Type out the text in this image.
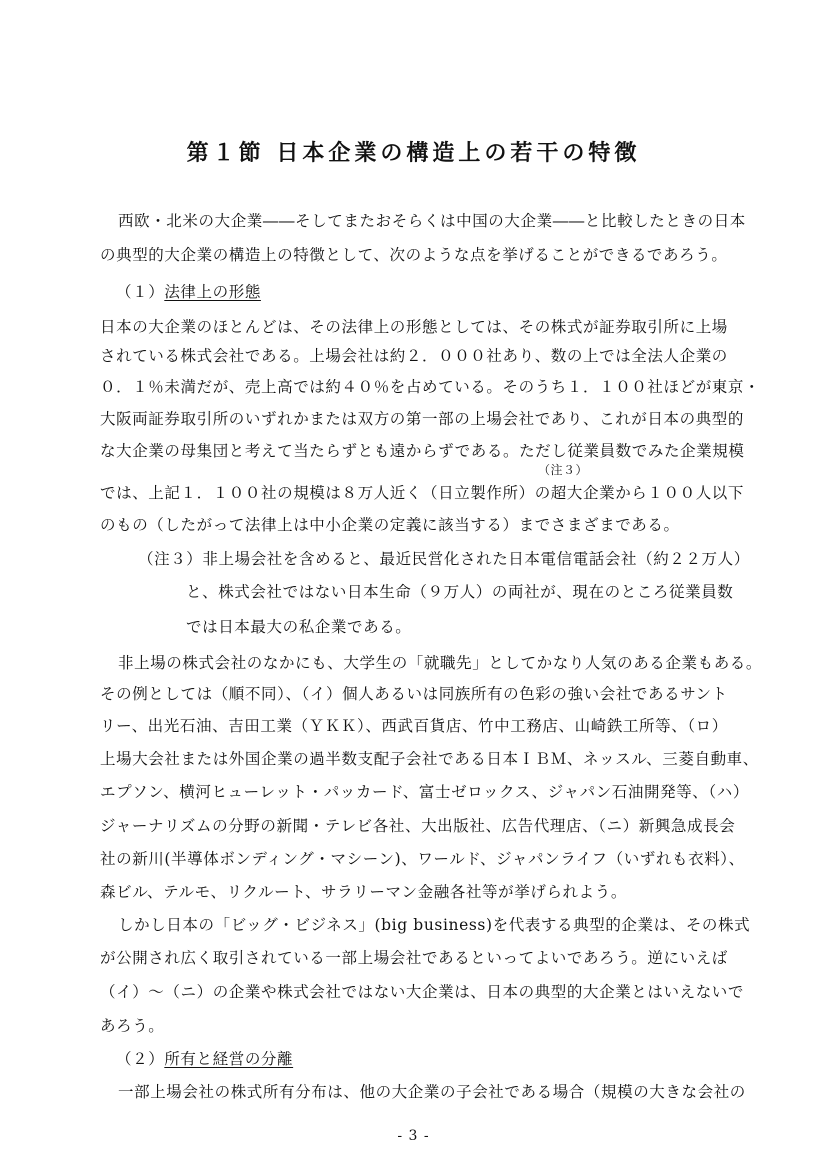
第１節 日本企業の構造上の若干の特徴
西欧・北米の大企業――そしてまたおそらくは中国の大企業――と比較したときの日本
の典型的大企業の構造上の特徴として、次のような点を挙げることができるであろう。
（１）法律上の形態
日本の大企業のほとんどは、その法律上の形態としては、その株式が証券取引所に上場
されている株式会社である。上場会社は約２．０００社あり、数の上では全法人企業の
０．１％未満だが、売上高では約４０％を占めている。そのうち１．１００社ほどが東京・
大阪両証券取引所のいずれかまたは双方の第一部の上場会社であり、これが日本の典型的
な大企業の母集団と考えて当たらずとも遠からずである。ただし従業員数でみた企業規模
（注３）
では、上記１．１００社の規模は８万人近く（日立製作所）の超大企業から１００人以下
のもの（したがって法律上は中小企業の定義に該当する）までさまざまである。
（注３）非上場会社を含めると、最近民営化された日本電信電話会社（約２２万人）
と、株式会社ではない日本生命（９万人）の両社が、現在のところ従業員数
では日本最大の私企業である。
非上場の株式会社のなかにも、大学生の「就職先」としてかなり人気のある企業もある。
その例としては（順不同）、（イ）個人あるいは同族所有の色彩の強い会社であるサント
リー、出光石油、吉田工業（ＹＫＫ）、西武百貨店、竹中工務店、山崎鉄工所等、（ロ）
上場大会社または外国企業の過半数支配子会社である日本ＩＢＭ、ネッスル、三菱自動車、
エプソン、横河ヒューレット・パッカード、富士ゼロックス、ジャパン石油開発等、（ハ）
ジャーナリズムの分野の新聞・テレビ各社、大出版社、広告代理店、（ニ）新興急成長会
社の新川(半導体ボンディング・マシーン)、ワールド、ジャパンライフ（いずれも衣料）、
森ビル、テルモ、リクルート、サラリーマン金融各社等が挙げられよう。
しかし日本の「ビッグ・ビジネス」(big business)を代表する典型的企業は、その株式
が公開され広く取引されている一部上場会社であるといってよいであろう。逆にいえば
（イ）～（ニ）の企業や株式会社ではない大企業は、日本の典型的大企業とはいえないで
あろう。
（２）所有と経営の分離
一部上場会社の株式所有分布は、他の大企業の子会社である場合（規模の大きな会社の
- 3 -
